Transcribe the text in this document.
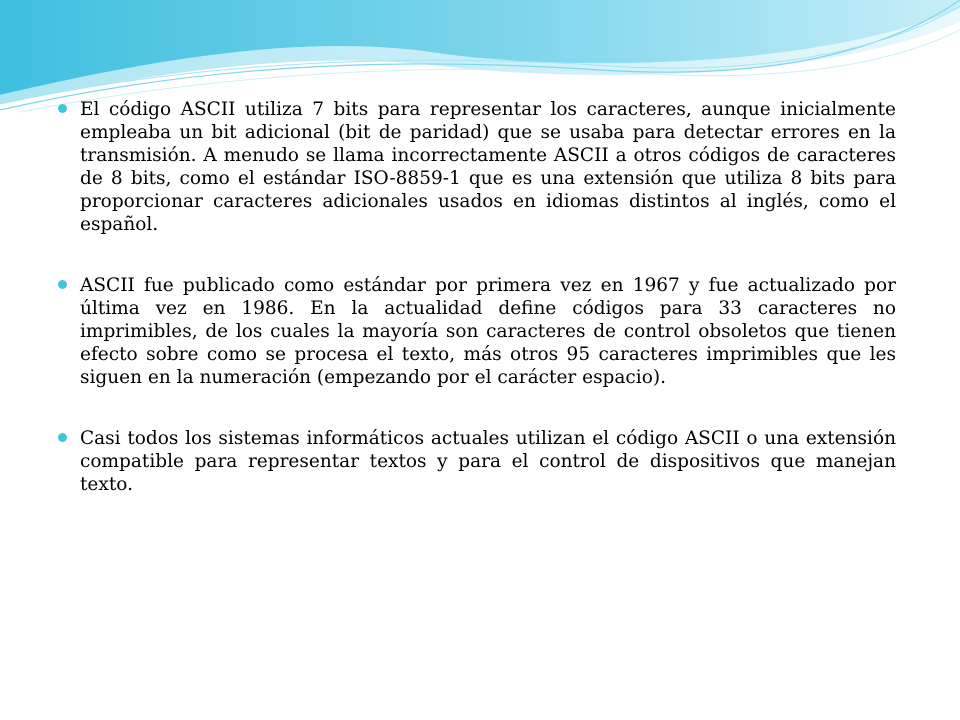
El código ASCII utiliza 7 bits para representar los caracteres, aunque inicialmente empleaba un bit adicional (bit de paridad) que se usaba para detectar errores en la transmisión. A menudo se llama incorrectamente ASCII a otros códigos de caracteres de 8 bits, como el estándar ISO-8859-1 que es una extensión que utiliza 8 bits para proporcionar caracteres adicionales usados en idiomas distintos al inglés, como el español.

ASCII fue publicado como estándar por primera vez en 1967 y fue actualizado por última vez en 1986. En la actualidad define códigos para 33 caracteres no imprimibles, de los cuales la mayoría son caracteres de control obsoletos que tienen efecto sobre como se procesa el texto, más otros 95 caracteres imprimibles que les siguen en la numeración (empezando por el carácter espacio).

Casi todos los sistemas informáticos actuales utilizan el código ASCII o una extensión compatible para representar textos y para el control de dispositivos que manejan texto.
